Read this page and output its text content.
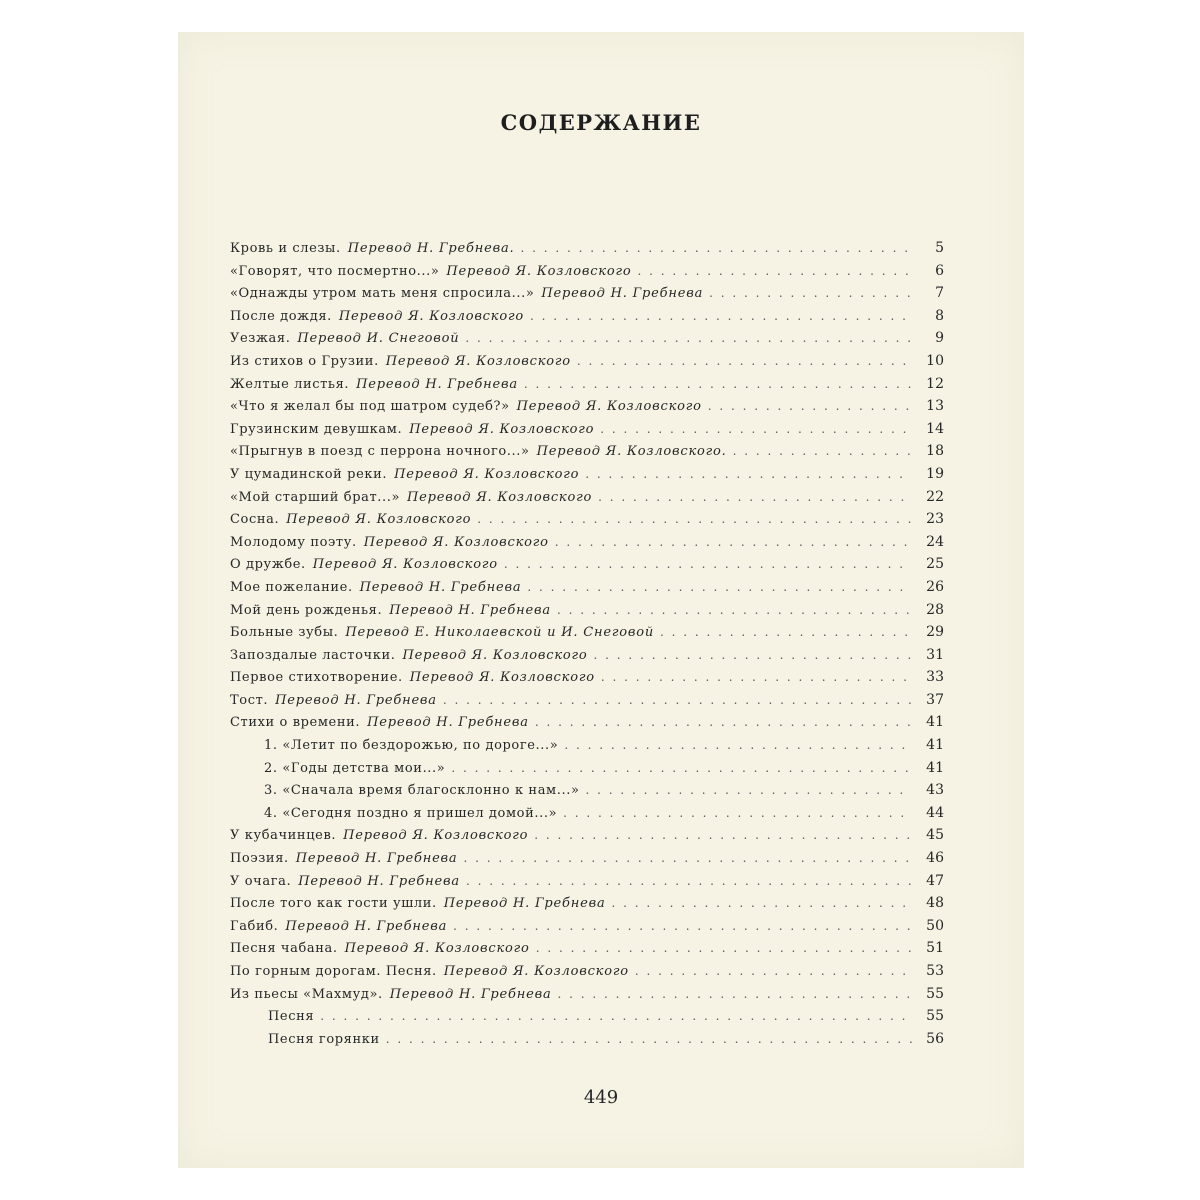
СОДЕРЖАНИЕ
Кровь и слезы. Перевод Н. Гребнева. . . .	5
«Говорят, что посмертно...» Перевод Я. Козловского . . .	6
«Однажды утром мать меня спросила...» Перевод Н. Гребнева . . .	7
После дождя. Перевод Я. Козловского . . .	8
Уезжая. Перевод И. Снеговой . . .	9
Из стихов о Грузии. Перевод Я. Козловского . . .	10
Желтые листья. Перевод Н. Гребнева . . .	12
«Что я желал бы под шатром судеб?» Перевод Я. Козловского . . .	13
Грузинским девушкам. Перевод Я. Козловского . . .	14
«Прыгнув в поезд с перрона ночного...» Перевод Я. Козловского. . . .	18
У цумадинской реки. Перевод Я. Козловского . . .	19
«Мой старший брат...» Перевод Я. Козловского . . .	22
Сосна. Перевод Я. Козловского . . .	23
Молодому поэту. Перевод Я. Козловского . . .	24
О дружбе. Перевод Я. Козловского . . .	25
Мое пожелание. Перевод Н. Гребнева . . .	26
Мой день рожденья. Перевод Н. Гребнева . . .	28
Больные зубы. Перевод Е. Николаевской и И. Снеговой . . .	29
Запоздалые ласточки. Перевод Я. Козловского . . .	31
Первое стихотворение. Перевод Я. Козловского . . .	33
Тост. Перевод Н. Гребнева . . .	37
Стихи о времени. Перевод Н. Гребнева . . .	41
1. «Летит по бездорожью, по дороге...» . . .	41
2. «Годы детства мои...» . . .	41
3. «Сначала время благосклонно к нам...» . . .	43
4. «Сегодня поздно я пришел домой...» . . .	44
У кубачинцев. Перевод Я. Козловского . . .	45
Поэзия. Перевод Н. Гребнева . . .	46
У очага. Перевод Н. Гребнева . . .	47
После того как гости ушли. Перевод Н. Гребнева . . .	48
Габиб. Перевод Н. Гребнева . . .	50
Песня чабана. Перевод Я. Козловского . . .	51
По горным дорогам. Песня. Перевод Я. Козловского . . .	53
Из пьесы «Махмуд». Перевод Н. Гребнева . . .	55
Песня . . .	55
Песня горянки . . .	56
449
